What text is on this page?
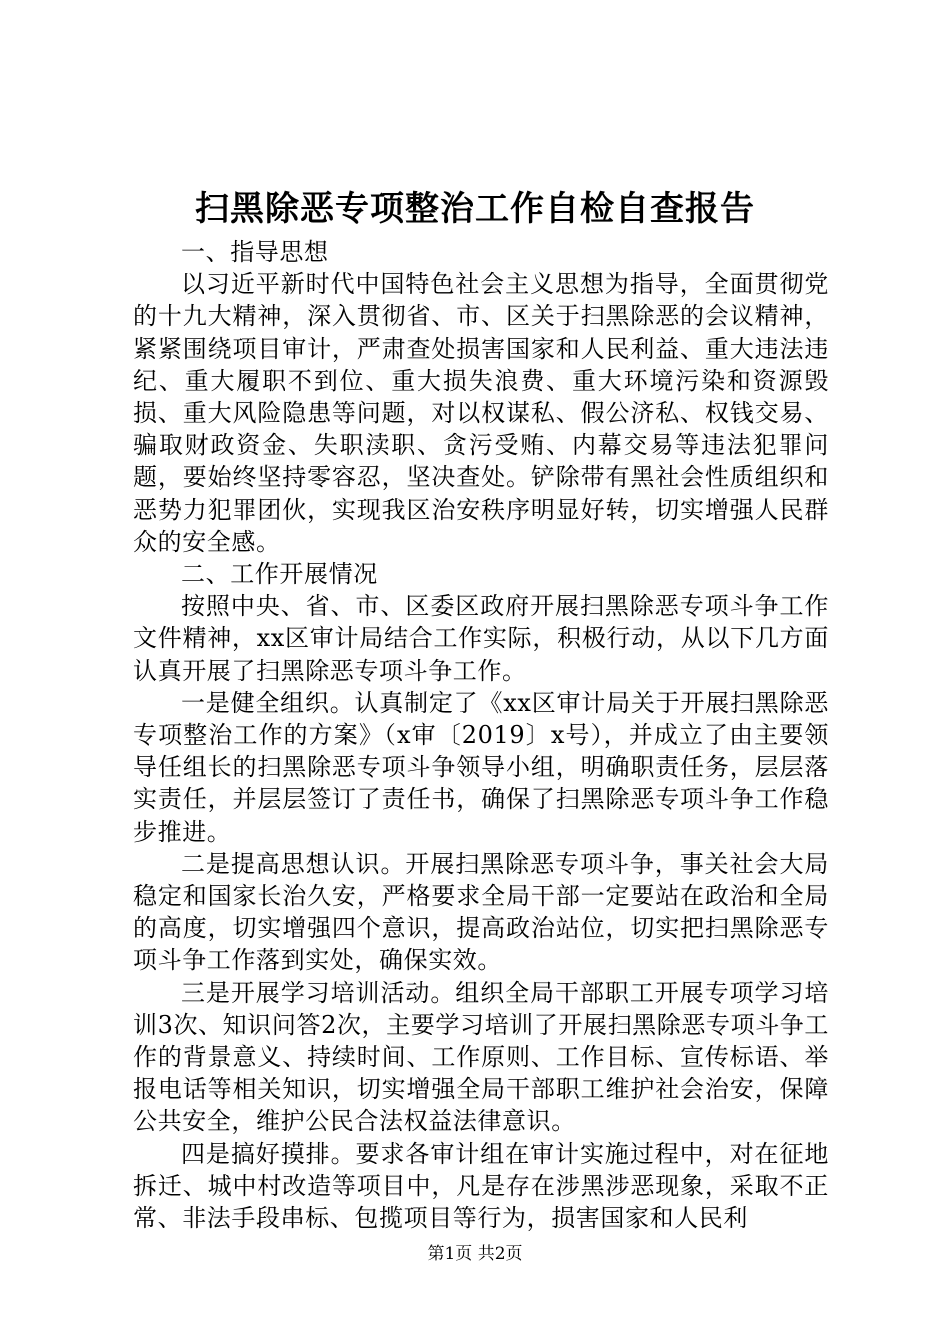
扫黑除恶专项整治工作自检自查报告

一、指导思想

以习近平新时代中国特色社会主义思想为指导，全面贯彻党的十九大精神，深入贯彻省、市、区关于扫黑除恶的会议精神，紧紧围绕项目审计，严肃查处损害国家和人民利益、重大违法违纪、重大履职不到位、重大损失浪费、重大环境污染和资源毁损、重大风险隐患等问题，对以权谋私、假公济私、权钱交易、骗取财政资金、失职渎职、贪污受贿、内幕交易等违法犯罪问题，要始终坚持零容忍，坚决查处。铲除带有黑社会性质组织和恶势力犯罪团伙，实现我区治安秩序明显好转，切实增强人民群众的安全感。

二、工作开展情况

按照中央、省、市、区委区政府开展扫黑除恶专项斗争工作文件精神，xx区审计局结合工作实际，积极行动，从以下几方面认真开展了扫黑除恶专项斗争工作。

一是健全组织。认真制定了《xx区审计局关于开展扫黑除恶专项整治工作的方案》（x审〔2019〕x号），并成立了由主要领导任组长的扫黑除恶专项斗争领导小组，明确职责任务，层层落实责任，并层层签订了责任书，确保了扫黑除恶专项斗争工作稳步推进。

二是提高思想认识。开展扫黑除恶专项斗争，事关社会大局稳定和国家长治久安，严格要求全局干部一定要站在政治和全局的高度，切实增强四个意识，提高政治站位，切实把扫黑除恶专项斗争工作落到实处，确保实效。

三是开展学习培训活动。组织全局干部职工开展专项学习培训3次、知识问答2次，主要学习培训了开展扫黑除恶专项斗争工作的背景意义、持续时间、工作原则、工作目标、宣传标语、举报电话等相关知识，切实增强全局干部职工维护社会治安，保障公共安全，维护公民合法权益法律意识。

四是搞好摸排。要求各审计组在审计实施过程中，对在征地拆迁、城中村改造等项目中，凡是存在涉黑涉恶现象，采取不正常、非法手段串标、包揽项目等行为，损害国家和人民利

第1页 共2页
